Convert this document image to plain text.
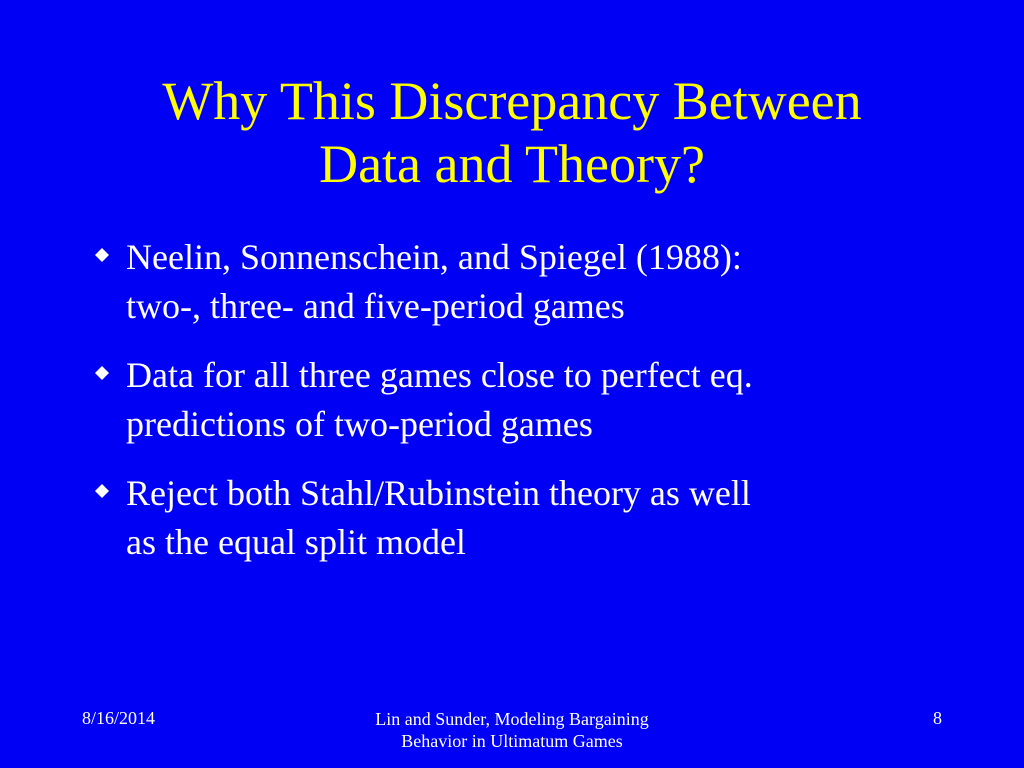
Why This Discrepancy Between
Data and Theory?
Neelin, Sonnenschein, and Spiegel (1988):
two-, three- and five-period games
Data for all three games close to perfect eq.
predictions of two-period games
Reject both Stahl/Rubinstein theory as well
as the equal split model
8/16/2014	Lin and Sunder, Modeling Bargaining
Behavior in Ultimatum Games
8
